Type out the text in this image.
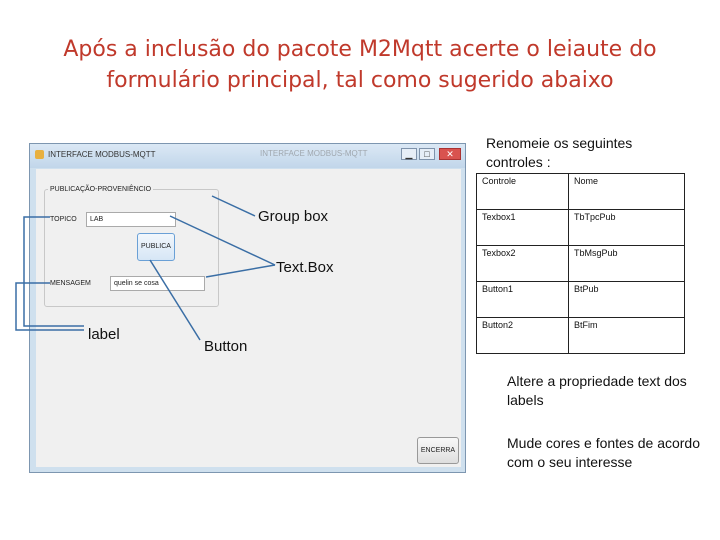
Após a inclusão do pacote M2Mqtt acerte o leiaute do formulário principal, tal como sugerido abaixo
INTERFACE MODBUS-MQTT	INTERFACE MODBUS-MQTT	▁	□	✕
PUBLICAÇÃO-PROVENIÊNCIO
TOPICO	LAB
PUBLICA
MENSAGEM	quelin se cosa
ENCERRA
Group box
Text.Box
label
Button
Renomeie os seguintes controles :
Controle	Nome
Texbox1	TbTpcPub
Texbox2	TbMsgPub
Button1	BtPub
Button2	BtFim
Altere a propriedade text dos labels
Mude cores e fontes de acordo com o seu interesse
